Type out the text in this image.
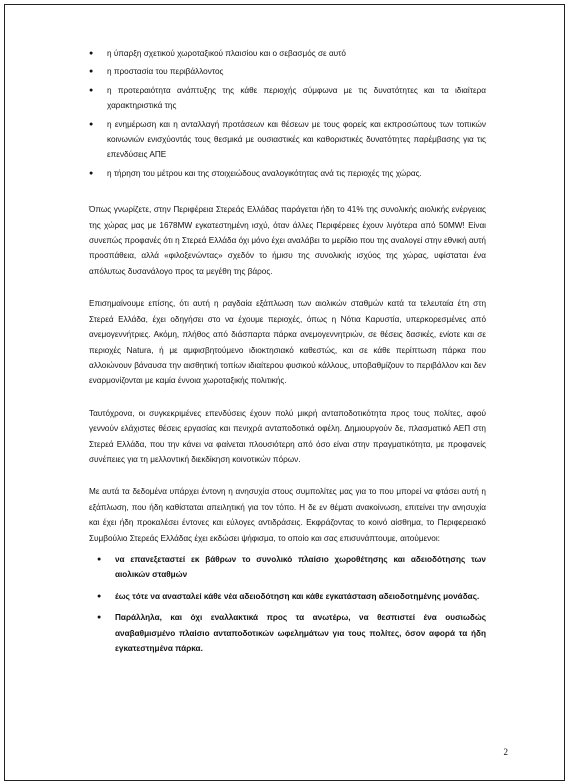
● η ύπαρξη σχετικού χωροταξικού πλαισίου και ο σεβασμός σε αυτό
● η προστασία του περιβάλλοντος
● η προτεραιότητα ανάπτυξης της κάθε περιοχής σύμφωνα με τις δυνατότητες και τα ιδιαίτερα χαρακτηριστικά της
● η ενημέρωση και η ανταλλαγή προτάσεων και θέσεων με τους φορείς και εκπροσώπους των τοπικών κοινωνιών ενισχύοντάς τους θεσμικά με ουσιαστικές και καθοριστικές δυνατότητες παρέμβασης για τις επενδύσεις ΑΠΕ
● η τήρηση του μέτρου και της στοιχειώδους αναλογικότητας ανά τις περιοχές της χώρας.

Όπως γνωρίζετε, στην Περιφέρεια Στερεάς Ελλάδας παράγεται ήδη το 41% της συνολικής αιολικής ενέργειας της χώρας μας με 1678MW εγκατεστημένη ισχύ, όταν άλλες Περιφέρειες έχουν λιγότερα από 50MW! Είναι συνεπώς προφανές ότι η Στερεά Ελλάδα όχι μόνο έχει αναλάβει το μερίδιο που της αναλογεί στην εθνική αυτή προσπάθεια, αλλά «φιλοξενώντας» σχεδόν το ήμισυ της συνολικής ισχύος της χώρας, υφίσταται ένα απόλυτως δυσανάλογο προς τα μεγέθη της βάρος.

Επισημαίνουμε επίσης, ότι αυτή η ραγδαία εξάπλωση των αιολικών σταθμών κατά τα τελευταία έτη στη Στερεά Ελλάδα, έχει οδηγήσει στο να έχουμε περιοχές, όπως η Νότια Καρυστία, υπερκορεσμένες από ανεμογεννήτριες. Ακόμη, πλήθος από διάσπαρτα πάρκα ανεμογεννητριών, σε θέσεις δασικές, ενίοτε και σε περιοχές Natura, ή με αμφισβητούμενο ιδιοκτησιακό καθεστώς, και σε κάθε περίπτωση πάρκα που αλλοιώνουν βάναυσα την αισθητική τοπίων ιδιαίτερου φυσικού κάλλους, υποβαθμίζουν το περιβάλλον και δεν εναρμονίζονται με καμία έννοια χωροταξικής πολιτικής.

Ταυτόχρονα, οι συγκεκριμένες επενδύσεις έχουν πολύ μικρή ανταποδοτικότητα προς τους πολίτες, αφού γεννούν ελάχιστες θέσεις εργασίας και πενιχρά ανταποδοτικά οφέλη. Δημιουργούν δε, πλασματικό ΑΕΠ στη Στερεά Ελλάδα, που την κάνει να φαίνεται πλουσιότερη από όσο είναι στην πραγματικότητα, με προφανείς συνέπειες για τη μελλοντική διεκδίκηση κοινοτικών πόρων.

Με αυτά τα δεδομένα υπάρχει έντονη η ανησυχία στους συμπολίτες μας για το που μπορεί να φτάσει αυτή η εξάπλωση, που ήδη καθίσταται απειλητική για τον τόπο. Η δε εν θέματι ανακοίνωση, επιτείνει την ανησυχία και έχει ήδη προκαλέσει έντονες και εύλογες αντιδράσεις. Εκφράζοντας το κοινό αίσθημα, το Περιφερειακό Συμβούλιο Στερεάς Ελλάδας έχει εκδώσει ψήφισμα, το οποίο και σας επισυνάπτουμε, αιτούμενοι:

● να επανεξεταστεί εκ βάθρων το συνολικό πλαίσιο χωροθέτησης και αδειοδότησης των αιολικών σταθμών
● έως τότε να ανασταλεί κάθε νέα αδειοδότηση και κάθε εγκατάσταση αδειοδοτημένης μονάδας.
● Παράλληλα, και όχι εναλλακτικά προς τα ανωτέρω, να θεσπιστεί ένα ουσιωδώς αναβαθμισμένο πλαίσιο ανταποδοτικών ωφελημάτων για τους πολίτες, όσον αφορά τα ήδη εγκατεστημένα πάρκα.
2
